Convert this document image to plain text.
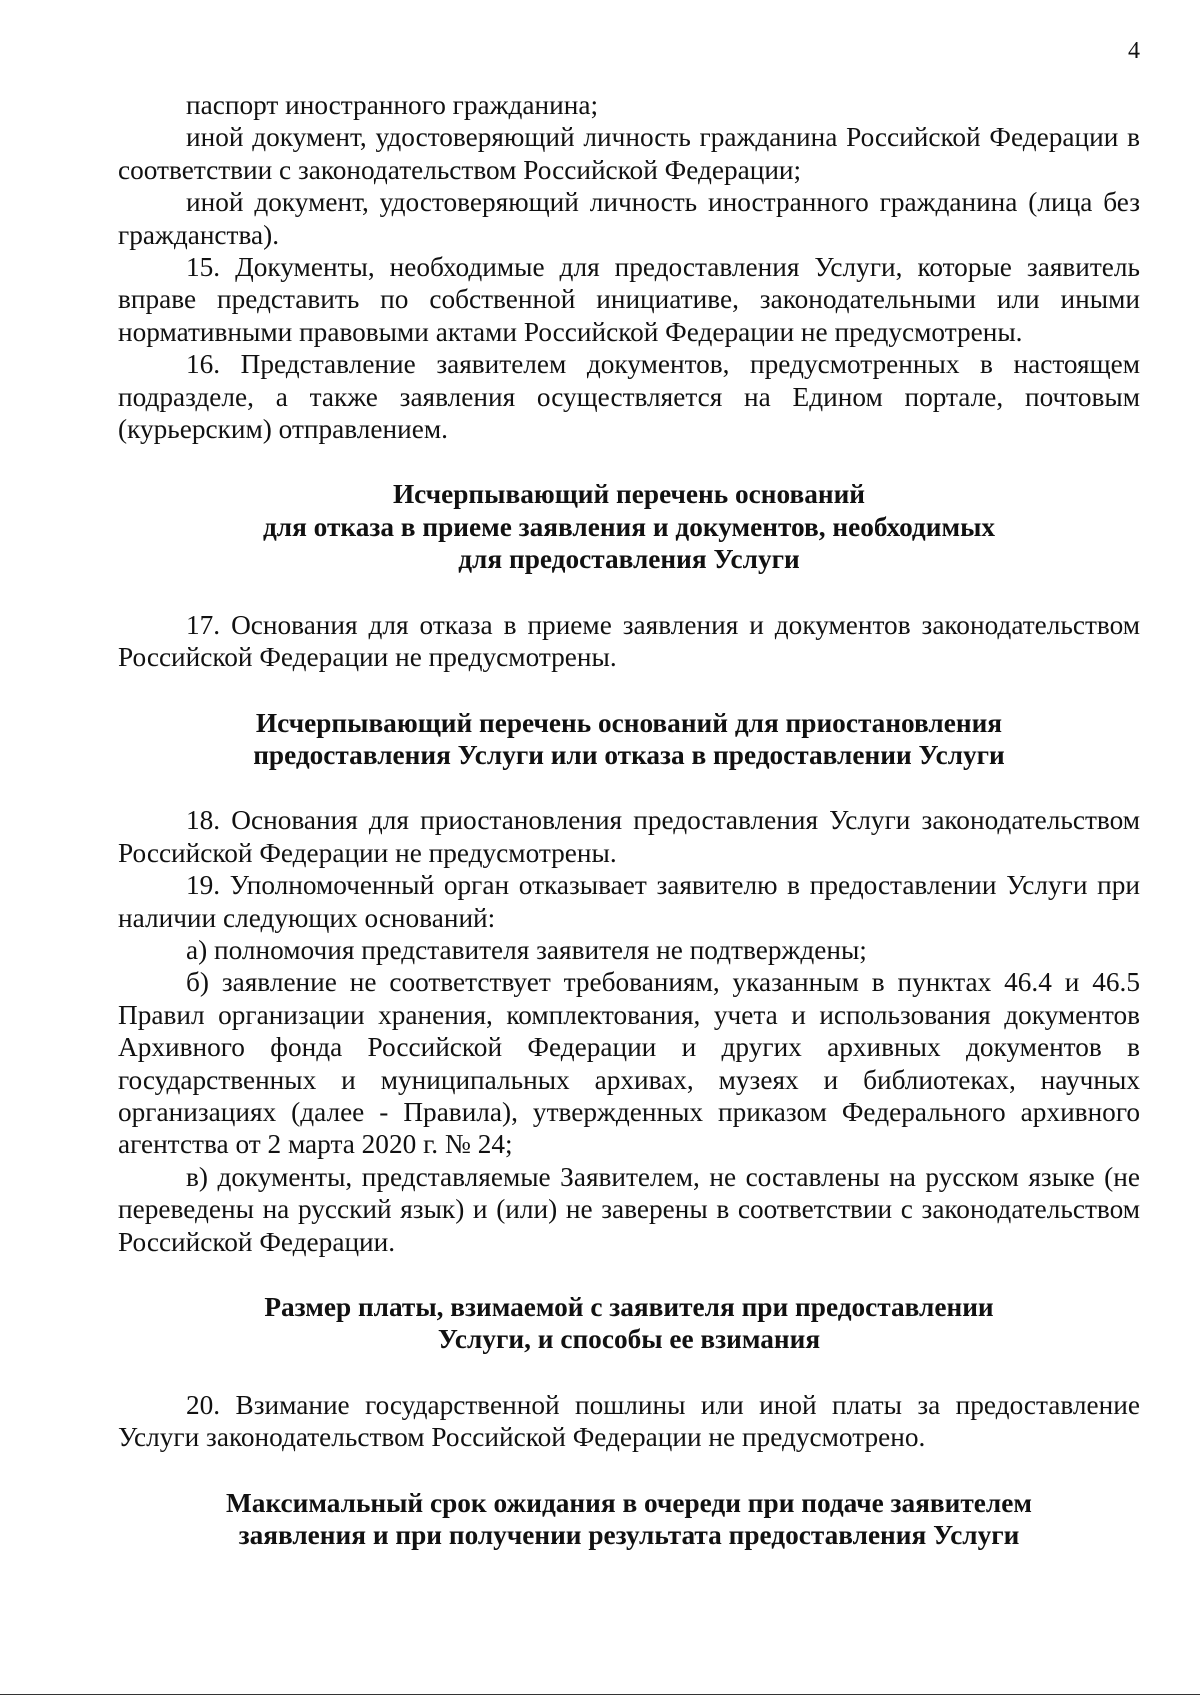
4

паспорт иностранного гражданина;

иной документ, удостоверяющий личность гражданина Российской Федерации в соответствии с законодательством Российской Федерации;

иной документ, удостоверяющий личность иностранного гражданина (лица без гражданства).

15. Документы, необходимые для предоставления Услуги, которые заявитель вправе представить по собственной инициативе, законодательными или иными нормативными правовыми актами Российской Федерации не предусмотрены.

16. Представление заявителем документов, предусмотренных в настоящем подразделе, а также заявления осуществляется на Едином портале, почтовым (курьерским) отправлением.

Исчерпывающий перечень оснований

для отказа в приеме заявления и документов, необходимых

для предоставления Услуги

17. Основания для отказа в приеме заявления и документов законодательством Российской Федерации не предусмотрены.

Исчерпывающий перечень оснований для приостановления

предоставления Услуги или отказа в предоставлении Услуги

18. Основания для приостановления предоставления Услуги законодательством Российской Федерации не предусмотрены.

19. Уполномоченный орган отказывает заявителю в предоставлении Услуги при наличии следующих оснований:

а) полномочия представителя заявителя не подтверждены;

б) заявление не соответствует требованиям, указанным в пунктах 46.4 и 46.5 Правил организации хранения, комплектования, учета и использования документов Архивного фонда Российской Федерации и других архивных документов в государственных и муниципальных архивах, музеях и библиотеках, научных организациях (далее - Правила), утвержденных приказом Федерального архивного агентства от 2 марта 2020 г. № 24;

в) документы, представляемые Заявителем, не составлены на русском языке (не переведены на русский язык) и (или) не заверены в соответствии с законодательством Российской Федерации.

Размер платы, взимаемой с заявителя при предоставлении

Услуги, и способы ее взимания

20. Взимание государственной пошлины или иной платы за предоставление Услуги законодательством Российской Федерации не предусмотрено.

Максимальный срок ожидания в очереди при подаче заявителем

заявления и при получении результата предоставления Услуги
